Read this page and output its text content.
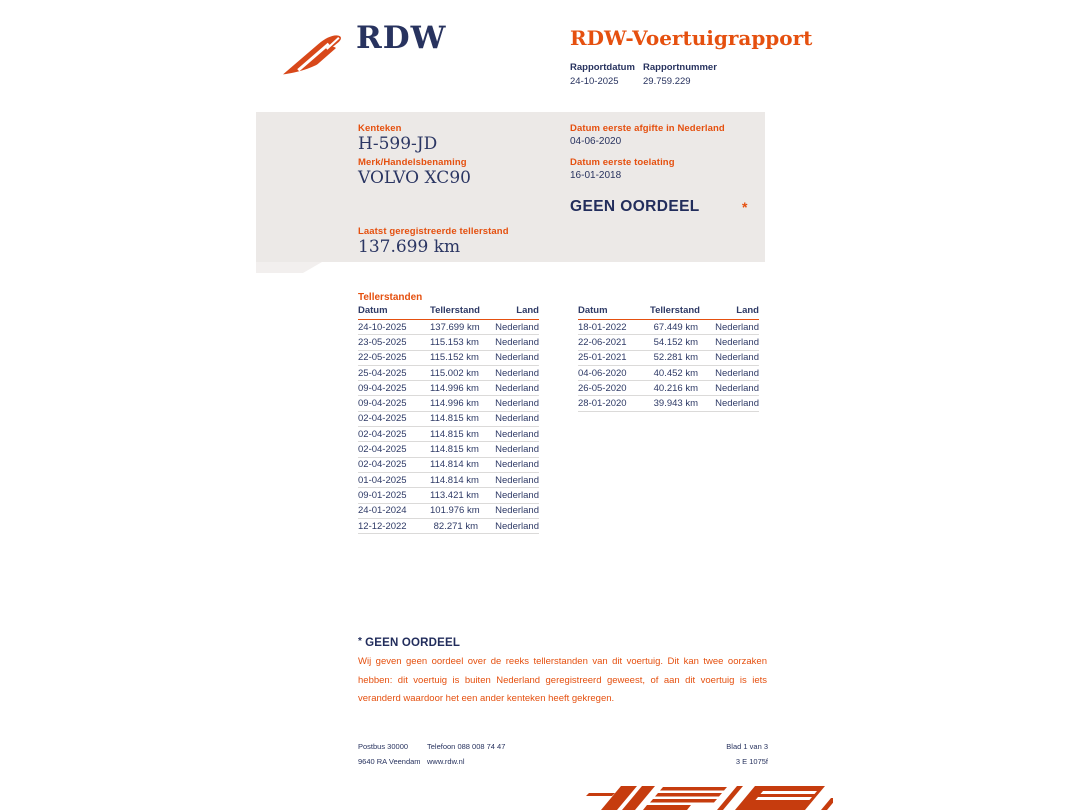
RDW	RDW-Voertuigrapport
Rapportdatum Rapportnummer
24-10-2025	29.759.229
Kenteken
H-599-JD
Merk/Handelsbenaming
VOLVO XC90
Laatst geregistreerde tellerstand
137.699 km
Datum eerste afgifte in Nederland
04-06-2020
Datum eerste toelating
16-01-2018
GEEN OORDEEL	*
Tellerstanden
Datum	Tellerstand	Land
24-10-2025	137.699 km	Nederland
23-05-2025	115.153 km	Nederland
22-05-2025	115.152 km	Nederland
25-04-2025	115.002 km	Nederland
09-04-2025	114.996 km	Nederland
09-04-2025	114.996 km	Nederland
02-04-2025	114.815 km	Nederland
02-04-2025	114.815 km	Nederland
02-04-2025	114.815 km	Nederland
02-04-2025	114.814 km	Nederland
01-04-2025	114.814 km	Nederland
09-01-2025	113.421 km	Nederland
24-01-2024	101.976 km	Nederland
12-12-2022	82.271 km	Nederland
Datum	Tellerstand	Land
18-01-2022	67.449 km	Nederland
22-06-2021	54.152 km	Nederland
25-01-2021	52.281 km	Nederland
04-06-2020	40.452 km	Nederland
26-05-2020	40.216 km	Nederland
28-01-2020	39.943 km	Nederland
* GEEN OORDEEL
Wij geven geen oordeel over de reeks tellerstanden van dit voertuig. Dit kan twee oorzaken hebben: dit voertuig is buiten Nederland geregistreerd geweest, of aan dit voertuig is iets veranderd waardoor het een ander kenteken heeft gekregen.
Postbus 30000
9640 RA Veendam
Telefoon 088 008 74 47
www.rdw.nl
Blad 1 van 3
3 E 1075f
